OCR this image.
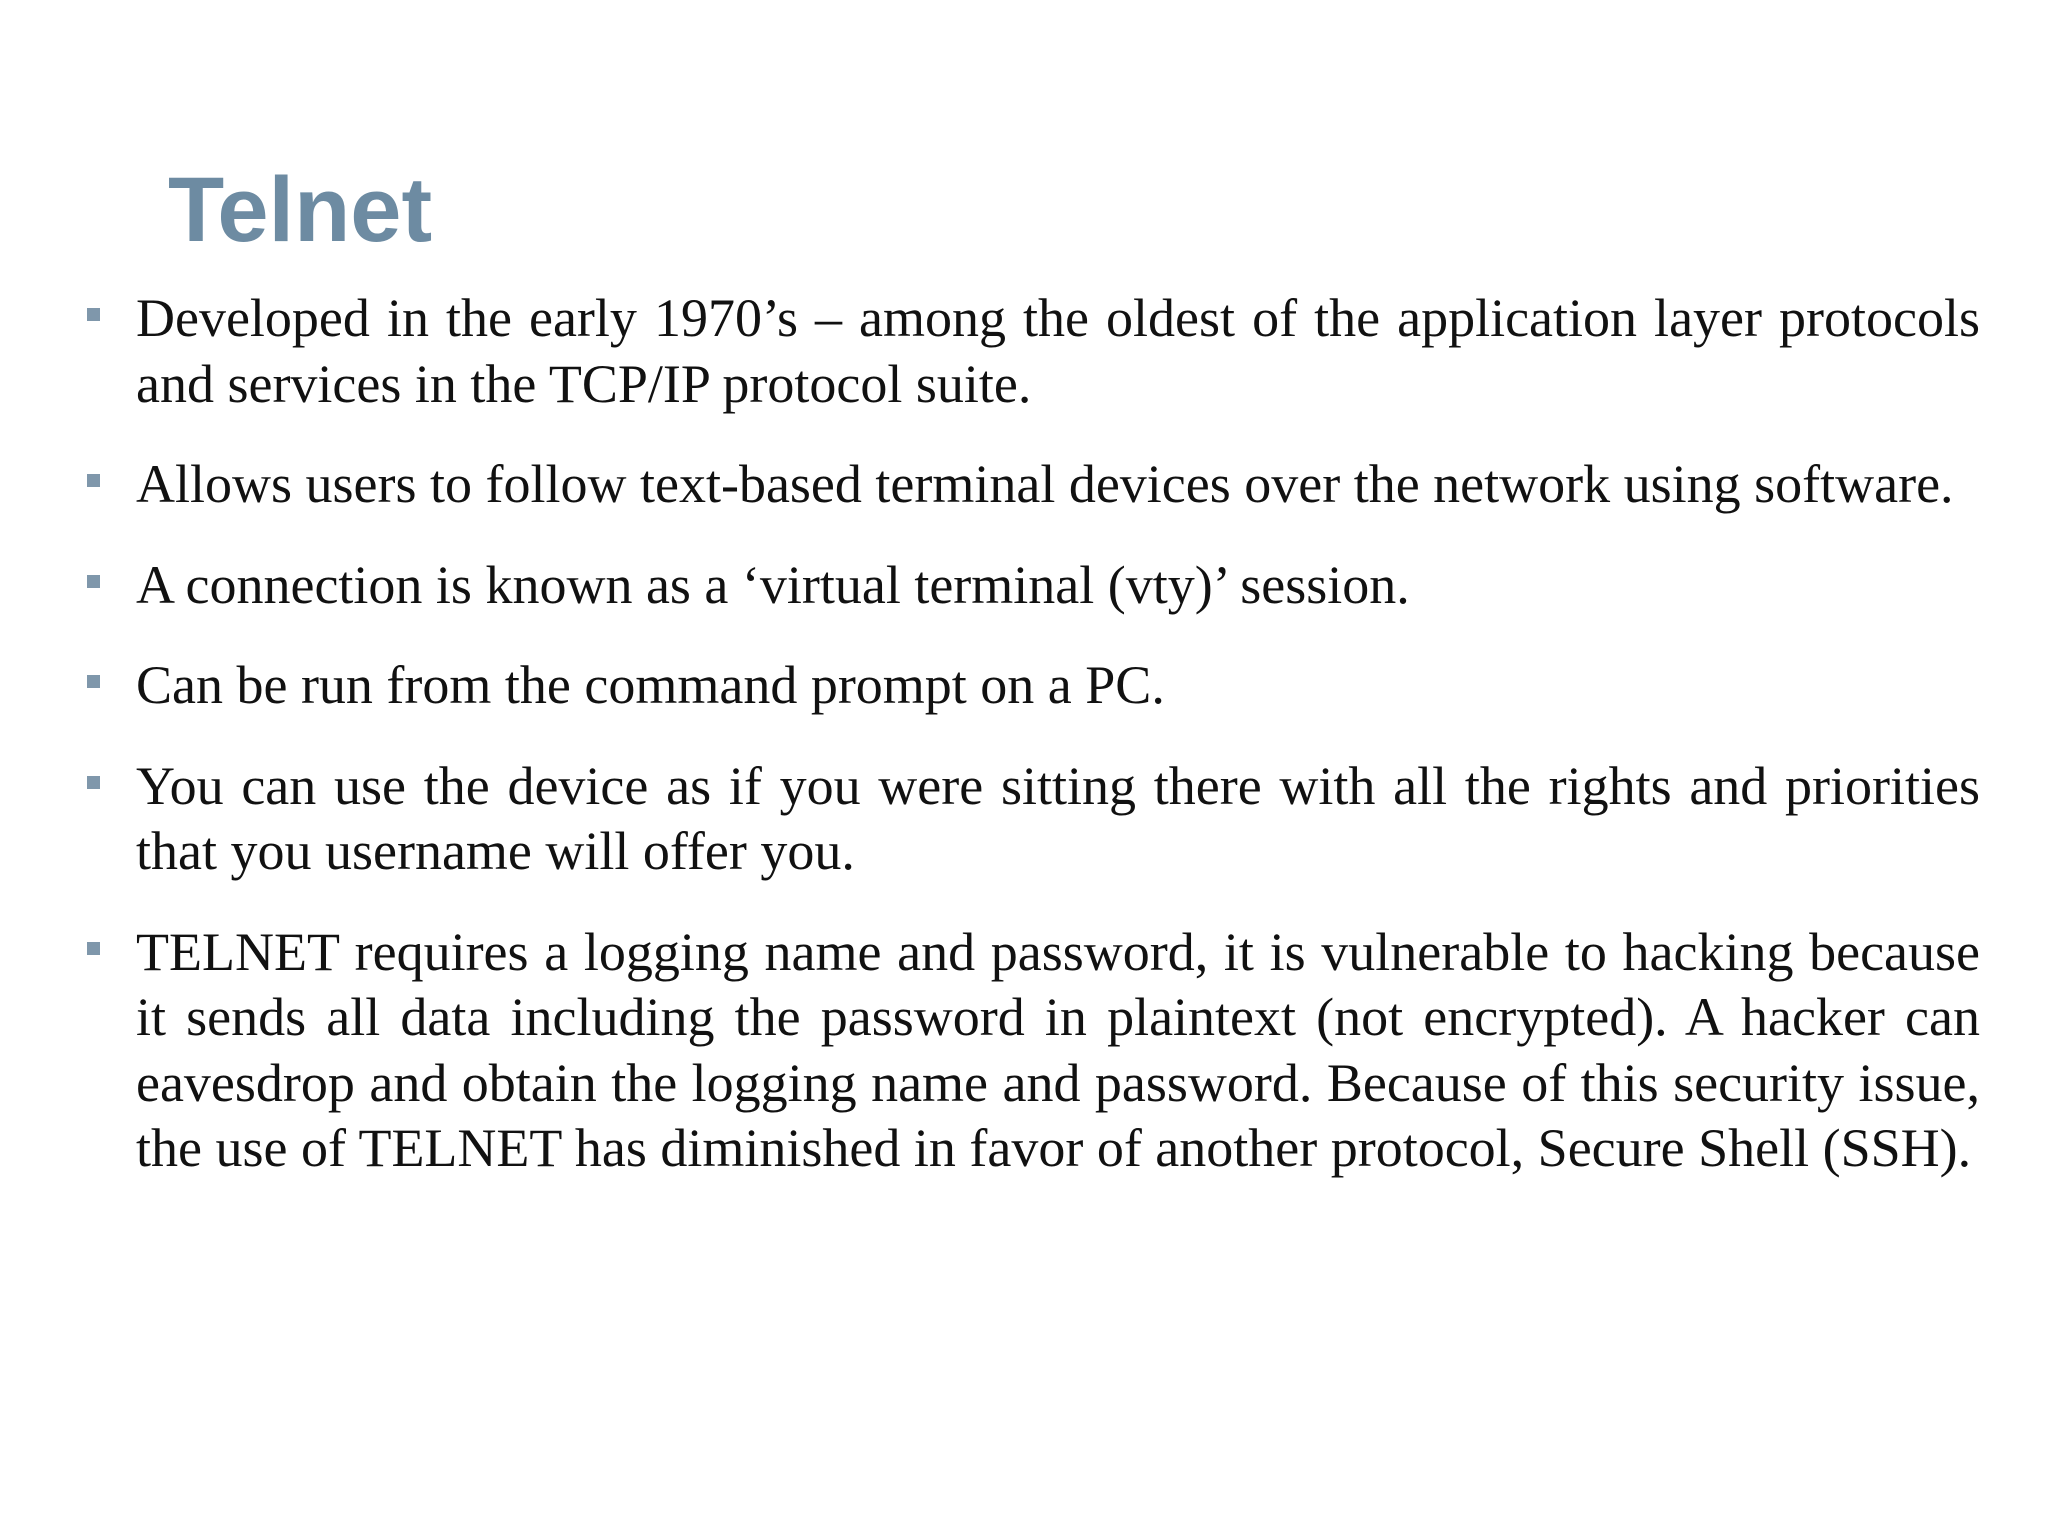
Telnet
Developed in the early 1970’s – among the oldest of the application layer protocols and services in the TCP/IP protocol suite.
Allows users to follow text-based terminal devices over the network using software.
A connection is known as a ‘virtual terminal (vty)’ session.
Can be run from the command prompt on a PC.
You can use the device as if you were sitting there with all the rights and priorities that you username will offer you.
TELNET requires a logging name and password, it is vulnerable to hacking because it sends all data including the password in plaintext (not encrypted). A hacker can eavesdrop and obtain the logging name and password. Because of this security issue, the use of TELNET has diminished in favor of another protocol, Secure Shell (SSH).
